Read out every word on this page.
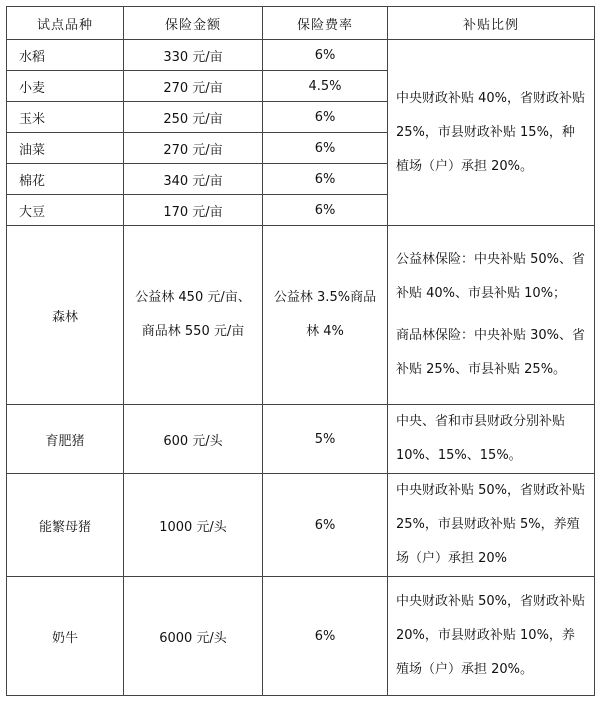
试点品种	保险金额	保险费率	补贴比例
水稻	330 元/亩	6%	中央财政补贴 40%，省财政补贴 25%，市县财政补贴 15%，种植场（户）承担 20%。
小麦	270 元/亩	4.5%	
玉米	250 元/亩	6%	
油菜	270 元/亩	6%	
棉花	340 元/亩	6%	
大豆	170 元/亩	6%	
森林	公益林 450 元/亩、商品林 550 元/亩	公益林 3.5%商品林 4%	公益林保险：中央补贴 50%、省补贴 40%、市县补贴 10%；
商品林保险：中央补贴 30%、省补贴 25%、市县补贴 25%。

育肥猪	600 元/头	5%	中央、省和市县财政分别补贴 10%、15%、15%。
能繁母猪	1000 元/头	6%	中央财政补贴 50%，省财政补贴 25%，市县财政补贴 5%，养殖场（户）承担 20%
奶牛	6000 元/头	6%	中央财政补贴 50%，省财政补贴 20%，市县财政补贴 10%，养殖场（户）承担 20%。
